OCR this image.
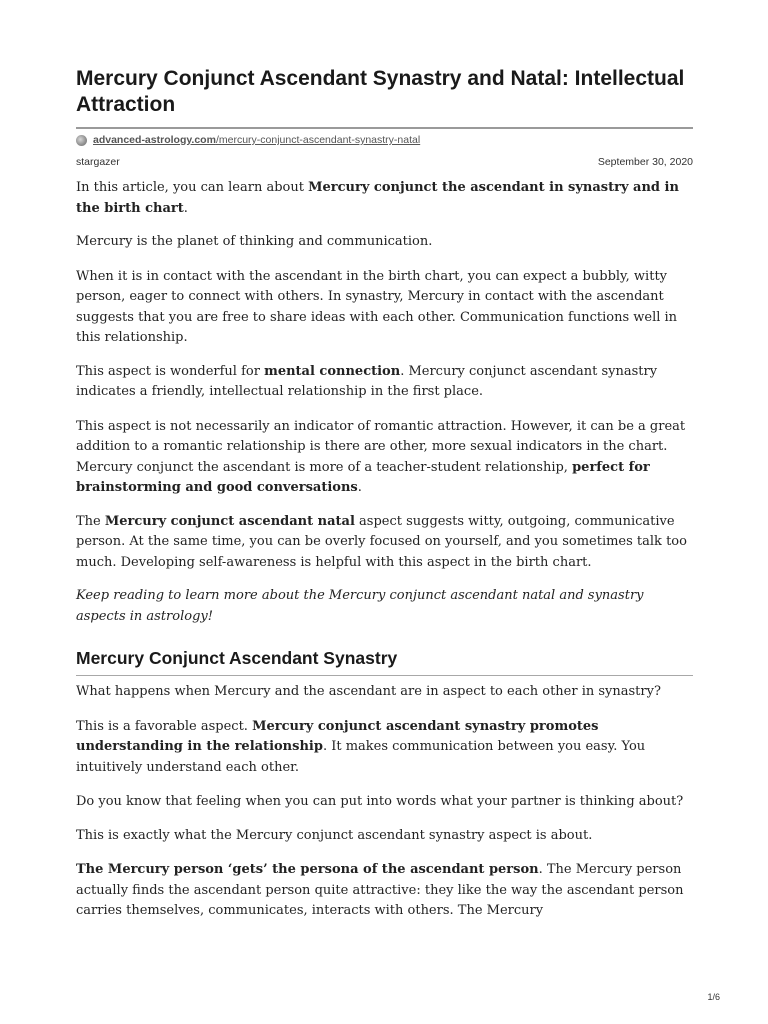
Mercury Conjunct Ascendant Synastry and Natal: Intellectual Attraction
advanced-astrology.com/mercury-conjunct-ascendant-synastry-natal
stargazer	September 30, 2020

In this article, you can learn about Mercury conjunct the ascendant in synastry and in the birth chart.

Mercury is the planet of thinking and communication.

When it is in contact with the ascendant in the birth chart, you can expect a bubbly, witty person, eager to connect with others. In synastry, Mercury in contact with the ascendant suggests that you are free to share ideas with each other. Communication functions well in this relationship.

This aspect is wonderful for mental connection. Mercury conjunct ascendant synastry indicates a friendly, intellectual relationship in the first place.

This aspect is not necessarily an indicator of romantic attraction. However, it can be a great addition to a romantic relationship is there are other, more sexual indicators in the chart. Mercury conjunct the ascendant is more of a teacher-student relationship, perfect for brainstorming and good conversations.

The Mercury conjunct ascendant natal aspect suggests witty, outgoing, communicative person. At the same time, you can be overly focused on yourself, and you sometimes talk too much. Developing self-awareness is helpful with this aspect in the birth chart.

Keep reading to learn more about the Mercury conjunct ascendant natal and synastry aspects in astrology!

Mercury Conjunct Ascendant Synastry

What happens when Mercury and the ascendant are in aspect to each other in synastry?

This is a favorable aspect. Mercury conjunct ascendant synastry promotes understanding in the relationship. It makes communication between you easy. You intuitively understand each other.

Do you know that feeling when you can put into words what your partner is thinking about?

This is exactly what the Mercury conjunct ascendant synastry aspect is about.

The Mercury person ‘gets’ the persona of the ascendant person. The Mercury person actually finds the ascendant person quite attractive: they like the way the ascendant person carries themselves, communicates, interacts with others. The Mercury

1/6
